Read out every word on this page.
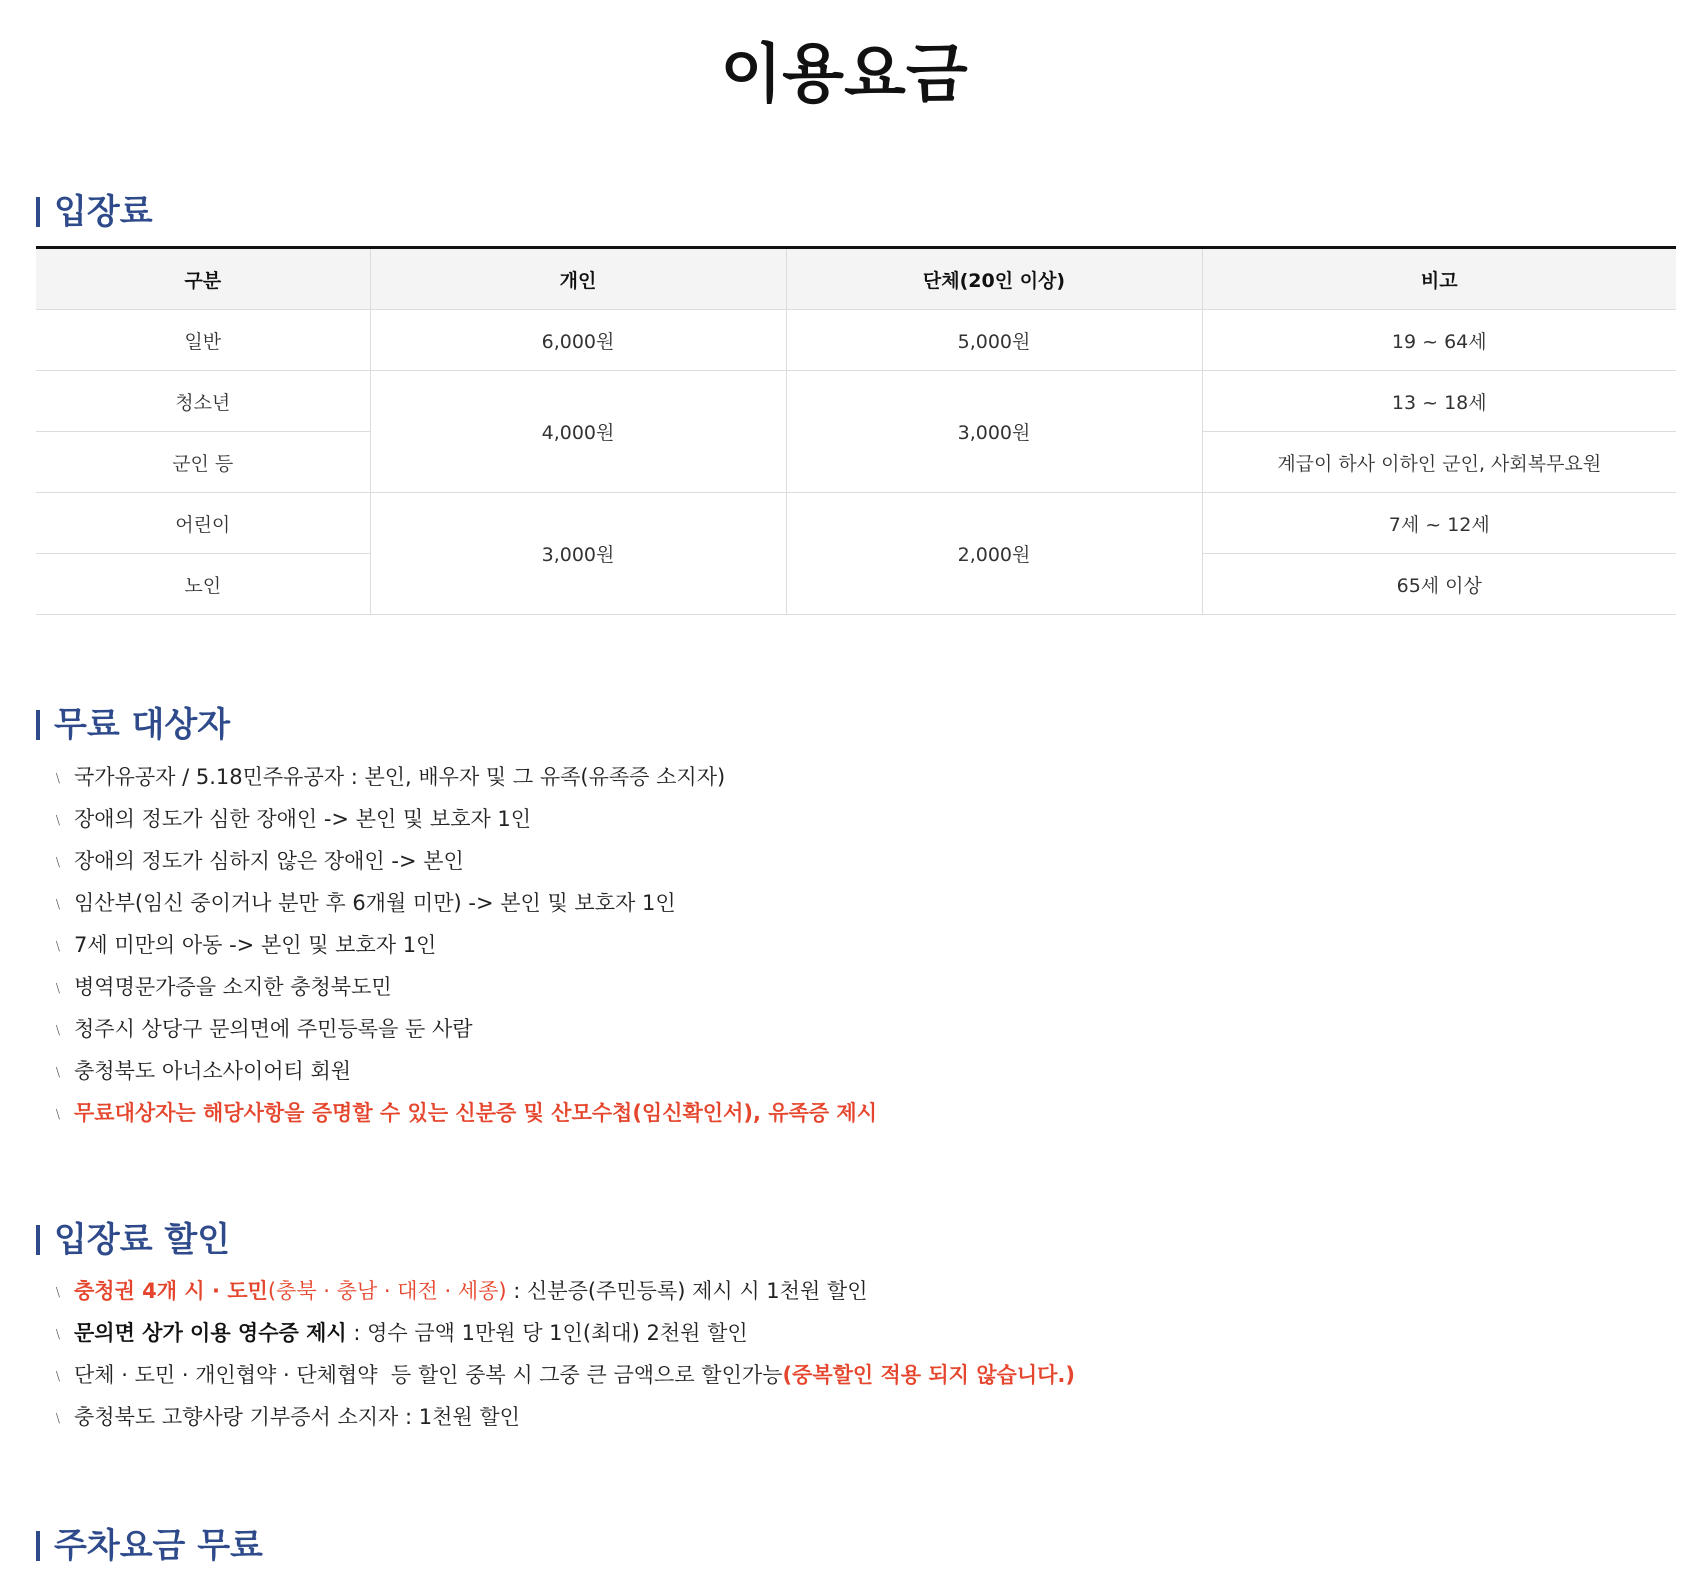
이용요금
입장료
구분	개인	단체(20인 이상)	비고
일반	6,000원	5,000원	19 ~ 64세
청소년	4,000원	3,000원	13 ~ 18세
군인 등			계급이 하사 이하인 군인, 사회복무요원
어린이	3,000원	2,000원	7세 ~ 12세
노인			65세 이상
무료 대상자
﹨ 국가유공자 / 5.18민주유공자 : 본인, 배우자 및 그 유족(유족증 소지자)
﹨ 장애의 정도가 심한 장애인 -> 본인 및 보호자 1인
﹨ 장애의 정도가 심하지 않은 장애인 -> 본인
﹨ 임산부(임신 중이거나 분만 후 6개월 미만) -> 본인 및 보호자 1인
﹨ 7세 미만의 아동 -> 본인 및 보호자 1인
﹨ 병역명문가증을 소지한 충청북도민
﹨ 청주시 상당구 문의면에 주민등록을 둔 사람
﹨ 충청북도 아너소사이어티 회원
﹨ 무료대상자는 해당사항을 증명할 수 있는 신분증 및 산모수첩(임신확인서), 유족증 제시
입장료 할인
﹨ 충청권 4개 시 · 도민(충북 · 충남 · 대전 · 세종) : 신분증(주민등록) 제시 시 1천원 할인
﹨ 문의면 상가 이용 영수증 제시 : 영수 금액 1만원 당 1인(최대) 2천원 할인
﹨ 단체 · 도민 · 개인협약 · 단체협약  등 할인 중복 시 그중 큰 금액으로 할인가능(중복할인 적용 되지 않습니다.)
﹨ 충청북도 고향사랑 기부증서 소지자 : 1천원 할인
주차요금 무료
